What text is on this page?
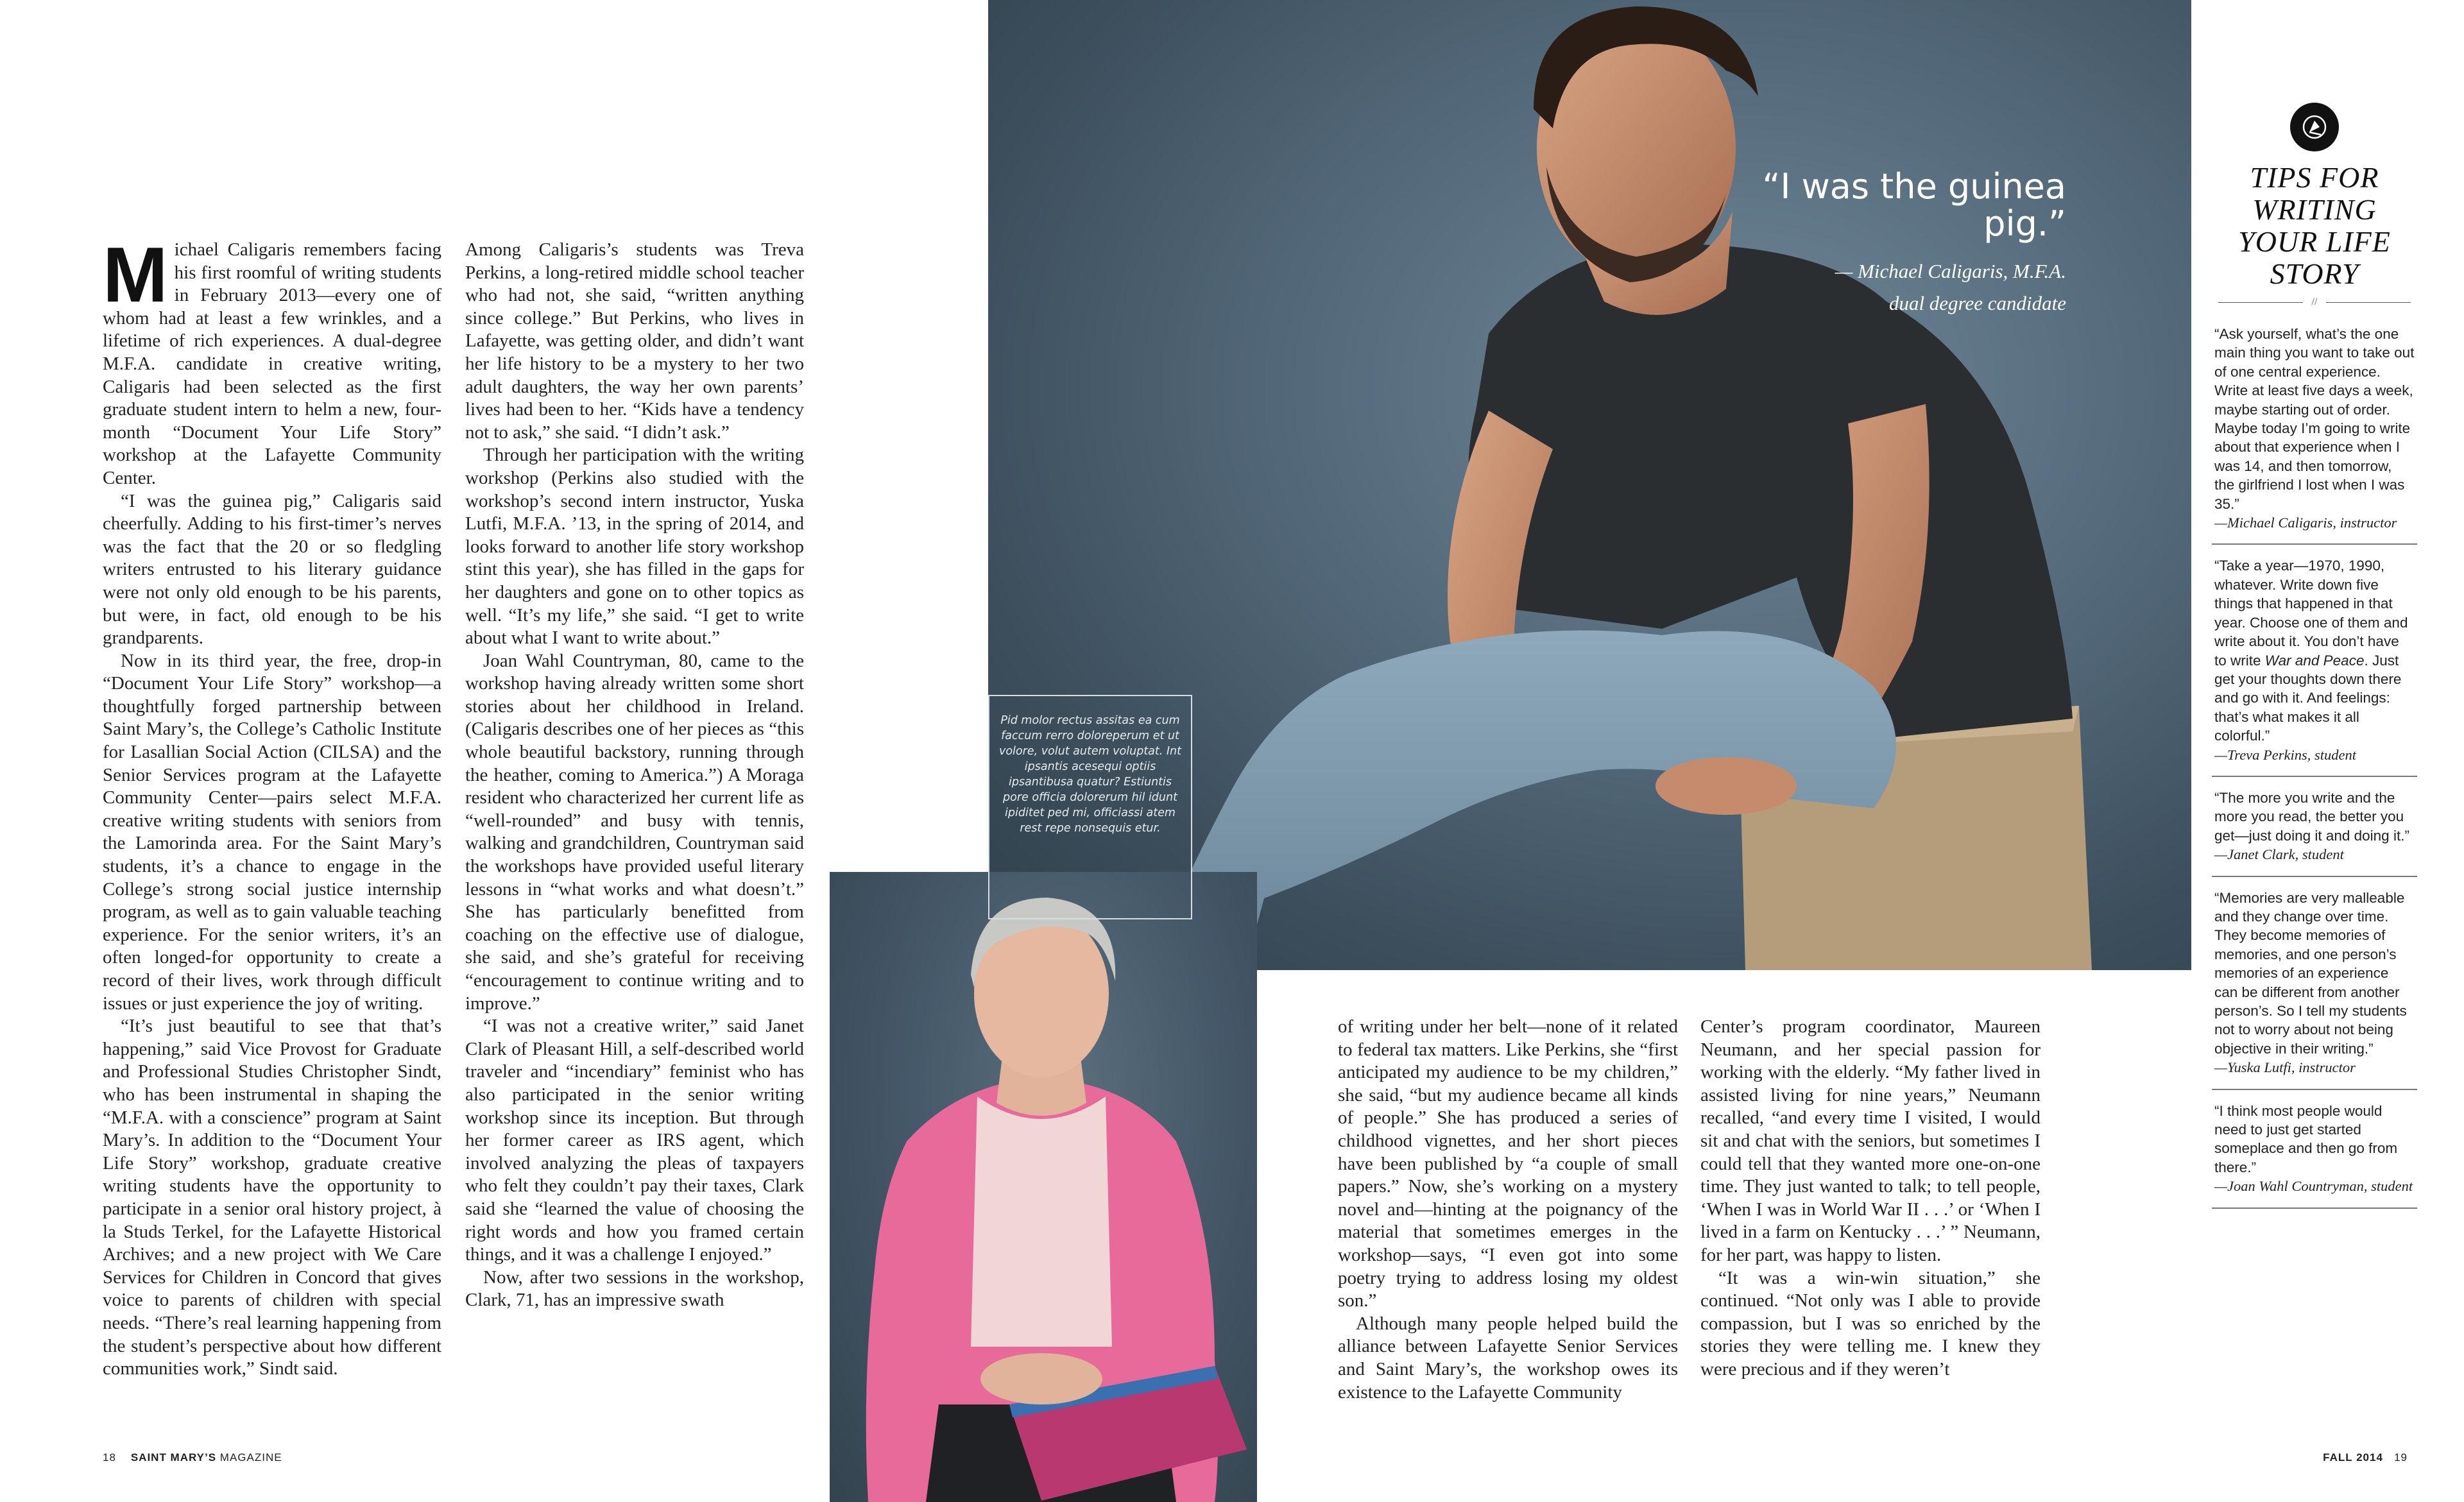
Michael Caligaris remembers facing his first roomful of writing students in February 2013—every one of whom had at least a few wrinkles, and a lifetime of rich experiences. A dual-degree M.F.A. candidate in creative writing, Caligaris had been selected as the first graduate student intern to helm a new, four-month “Document Your Life Story” workshop at the Lafayette Community Center.

“I was the guinea pig,” Caligaris said cheerfully. Adding to his first-timer’s nerves was the fact that the 20 or so fledgling writers entrusted to his literary guidance were not only old enough to be his parents, but were, in fact, old enough to be his grandparents.

Now in its third year, the free, drop-in “Document Your Life Story” workshop—a thoughtfully forged partnership between Saint Mary’s, the College’s Catholic Institute for Lasallian Social Action (CILSA) and the Senior Services program at the Lafayette Community Center—pairs select M.F.A. creative writing students with seniors from the Lamorinda area. For the Saint Mary’s students, it’s a chance to engage in the College’s strong social justice internship program, as well as to gain valuable teaching experience. For the senior writers, it’s an often longed-for opportunity to create a record of their lives, work through difficult issues or just experience the joy of writing.

“It’s just beautiful to see that that’s happening,” said Vice Provost for Graduate and Professional Studies Christopher Sindt, who has been instrumental in shaping the “M.F.A. with a conscience” program at Saint Mary’s. In addition to the “Document Your Life Story” workshop, graduate creative writing students have the opportunity to participate in a senior oral history project, à la Studs Terkel, for the Lafayette Historical Archives; and a new project with We Care Services for Children in Concord that gives voice to parents of children with special needs. “There’s real learning happening from the student’s perspective about how different communities work,” Sindt said.

Among Caligaris’s students was Treva Perkins, a long-retired middle school teacher who had not, she said, “written anything since college.” But Perkins, who lives in Lafayette, was getting older, and didn’t want her life history to be a mystery to her two adult daughters, the way her own parents’ lives had been to her. “Kids have a tendency not to ask,” she said. “I didn’t ask.”

Through her participation with the writing workshop (Perkins also studied with the workshop’s second intern instructor, Yuska Lutfi, M.F.A. ’13, in the spring of 2014, and looks forward to another life story workshop stint this year), she has filled in the gaps for her daughters and gone on to other topics as well. “It’s my life,” she said. “I get to write about what I want to write about.”

Joan Wahl Countryman, 80, came to the workshop having already written some short stories about her childhood in Ireland. (Caligaris describes one of her pieces as “this whole beautiful backstory, running through the heather, coming to America.”) A Moraga resident who characterized her current life as “well-rounded” and busy with tennis, walking and grandchildren, Countryman said the workshops have provided useful literary lessons in “what works and what doesn’t.” She has particularly benefitted from coaching on the effective use of dialogue, she said, and she’s grateful for receiving “encouragement to continue writing and to improve.”

“I was not a creative writer,” said Janet Clark of Pleasant Hill, a self-described world traveler and “incendiary” feminist who has also participated in the senior writing workshop since its inception. But through her former career as IRS agent, which involved analyzing the pleas of taxpayers who felt they couldn’t pay their taxes, Clark said she “learned the value of choosing the right words and how you framed certain things, and it was a challenge I enjoyed.”

Now, after two sessions in the workshop, Clark, 71, has an impressive swath

“I was the guinea pig.”
— Michael Caligaris, M.F.A.
dual degree candidate
Pid molor rectus assitas ea cum faccum rerro doloreperum et ut volore, volut autem voluptat. Int ipsantis acesequi optiis ipsantibusa quatur? Estiuntis pore officia dolorerum hil idunt ipiditet ped mi, officiassi atem rest repe nonsequis etur.

of writing under her belt—none of it related to federal tax matters. Like Perkins, she “first anticipated my audience to be my children,” she said, “but my audience became all kinds of people.” She has produced a series of childhood vignettes, and her short pieces have been published by “a couple of small papers.” Now, she’s working on a mystery novel and—hinting at the poignancy of the material that sometimes emerges in the workshop—says, “I even got into some poetry trying to address losing my oldest son.”

Although many people helped build the alliance between Lafayette Senior Services and Saint Mary’s, the workshop owes its existence to the Lafayette Community

Center’s program coordinator, Maureen Neumann, and her special passion for working with the elderly. “My father lived in assisted living for nine years,” Neumann recalled, “and every time I visited, I would sit and chat with the seniors, but sometimes I could tell that they wanted more one-on-one time. They just wanted to talk; to tell people, ‘When I was in World War II . . .’ or ‘When I lived in a farm on Kentucky . . .’ ” Neumann, for her part, was happy to listen.

“It was a win-win situation,” she continued. “Not only was I able to provide compassion, but I was so enriched by the stories they were telling me. I knew they were precious and if they weren’t

TIPS FOR
WRITING
YOUR LIFE
STORY
//
“Ask yourself, what’s the one main thing you want to take out of one central experience. Write at least five days a week, maybe starting out of order. Maybe today I’m going to write about that experience when I was 14, and then tomorrow, the girlfriend I lost when I was 35.”
—Michael Caligaris, instructor
“Take a year—1970, 1990, whatever. Write down five things that happened in that year. Choose one of them and write about it. You don’t have to write War and Peace. Just get your thoughts down there and go with it. And feelings: that’s what makes it all colorful.”
—Treva Perkins, student
“The more you write and the more you read, the better you get—just doing it and doing it.”
—Janet Clark, student
“Memories are very malleable and they change over time. They become memories of memories, and one person’s memories of an experience can be different from another person’s. So I tell my students not to worry about not being objective in their writing.”
—Yuska Lutfi, instructor
“I think most people would need to just get started someplace and then go from there.”
—Joan Wahl Countryman, student
18 SAINT MARY’S MAGAZINE	FALL 2014 19
